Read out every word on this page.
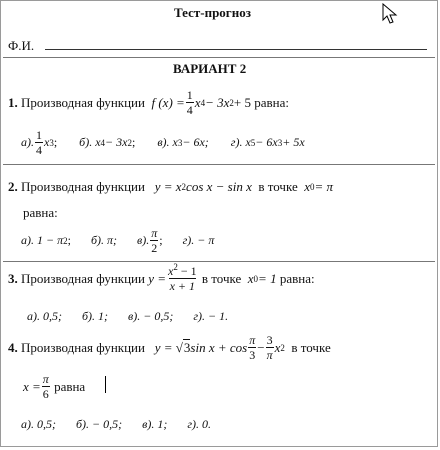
Тест-прогноз
Ф.И.
ВАРИАНТ 2
1.
Производная функции
f $(x) = \frac{1}{4}$ x 4 − 3x 2 + 5
равна:
а). $\frac{1}{4}$ x 3 ; б). x 4 − 3x 2 ; в). x 3 − 6x; г). x 5 − 6x 3 + 5x
2.
Производная функции
y = x 2 cos x − sin x
в точке
x 0 = π
равна:
а). 1 − π 2 ; б). π; в). $\frac{\pi}{2}$ ; г). − π
3.
Производная функции
$y = \frac{x^2 - 1}{x + 1}$
в точке
x 0 = 1
равна:
а). 0,5; б). 1; в). − 0,5; г). − 1.
4.
Производная функции
y =
√ 3 $\sin x + \cos \frac{\pi}{3} - \frac{3}{\pi}$ x 2
в точке
$x = \frac{\pi}{6}$
равна
а). 0,5; б). − 0,5; в). 1; г). 0.
